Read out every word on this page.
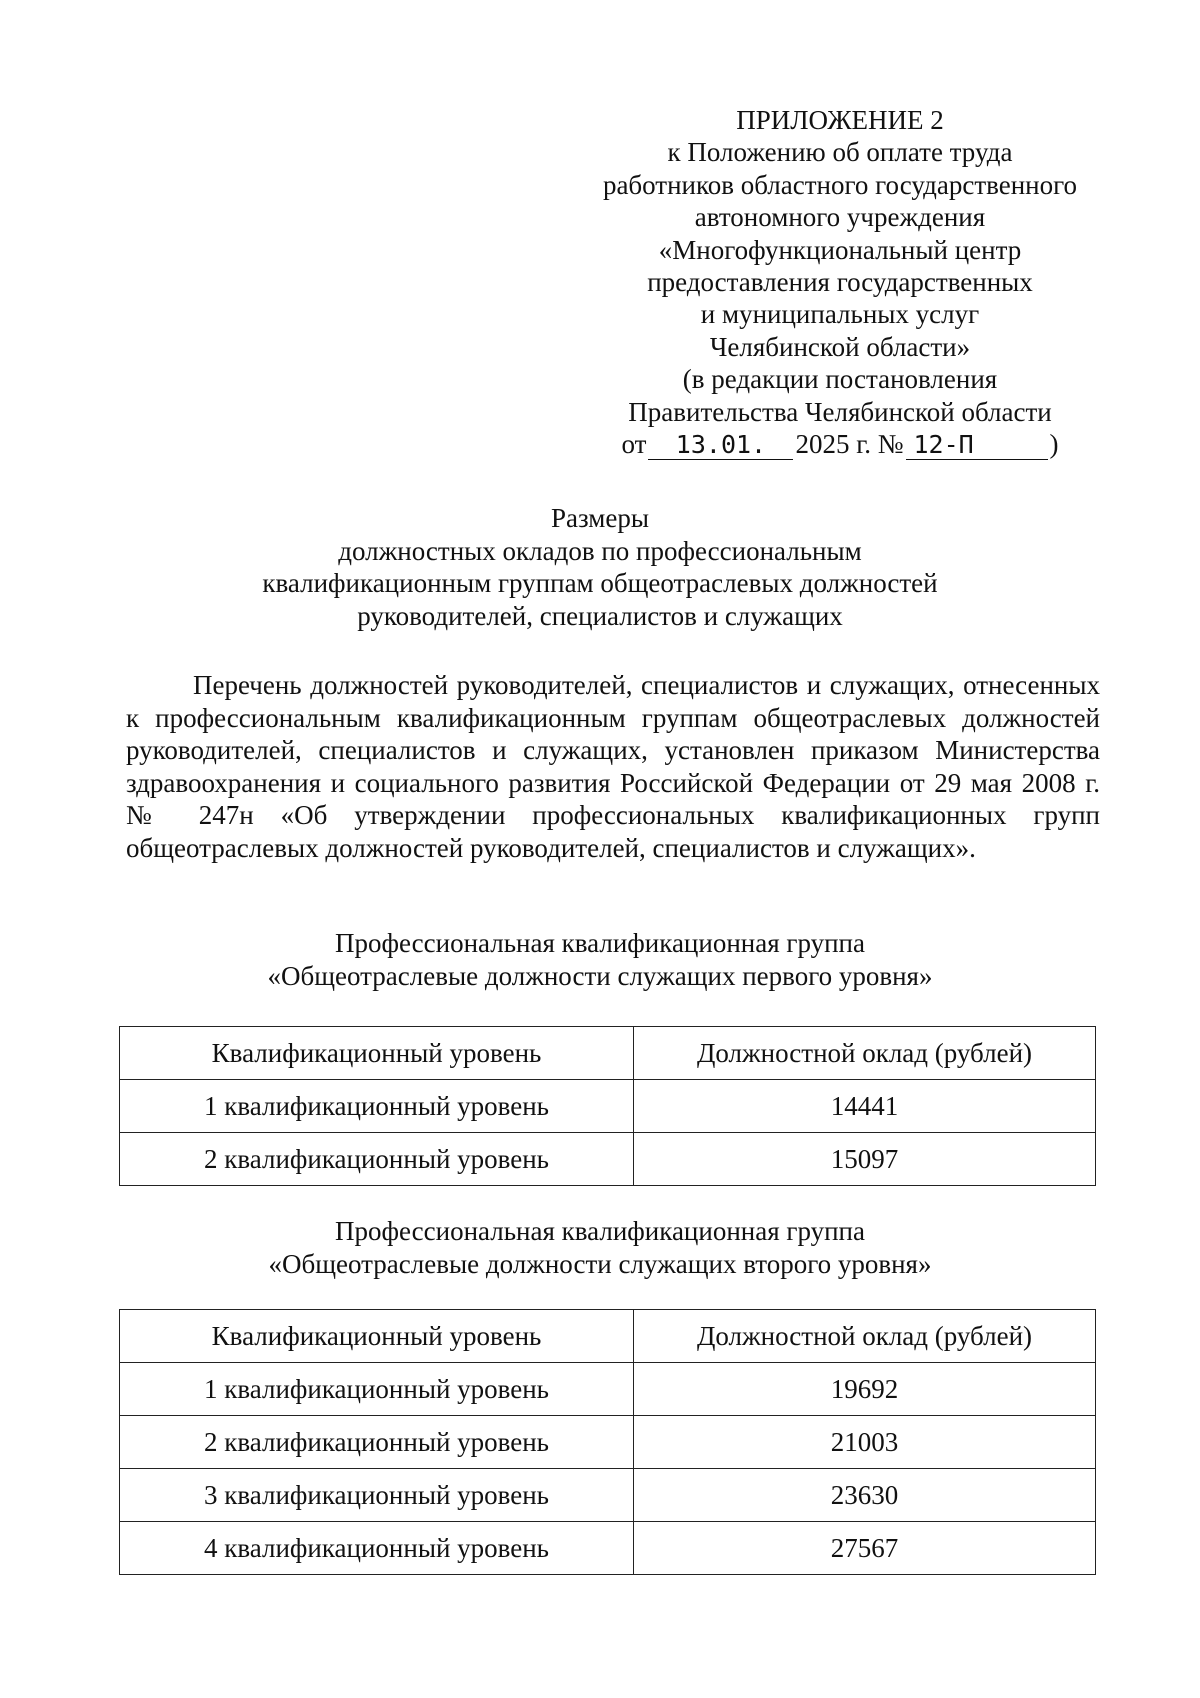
ПРИЛОЖЕНИЕ 2
к Положению об оплате труда
работников областного государственного
автономного учреждения
«Многофункциональный центр
предоставления государственных
и муниципальных услуг
Челябинской области»
(в редакции постановления
Правительства Челябинской области
от	13.01.	2025 г. № 12-П	)
Размеры
должностных окладов по профессиональным
квалификационным группам общеотраслевых должностей
руководителей, специалистов и служащих

Перечень должностей руководителей, специалистов и служащих, отнесенных к профессиональным квалификационным группам общеотраслевых должностей руководителей, специалистов и служащих, установлен приказом Министерства здравоохранения и социального развития Российской Федерации от 29 мая 2008 г. № 247н «Об утверждении профессиональных квалификационных групп общеотраслевых должностей руководителей, специалистов и служащих».

Профессиональная квалификационная группа
«Общеотраслевые должности служащих первого уровня»
Квалификационный уровень	Должностной оклад (рублей)
1 квалификационный уровень	14441
2 квалификационный уровень	15097
Профессиональная квалификационная группа
«Общеотраслевые должности служащих второго уровня»
Квалификационный уровень	Должностной оклад (рублей)
1 квалификационный уровень	19692
2 квалификационный уровень	21003
3 квалификационный уровень	23630
4 квалификационный уровень	27567
